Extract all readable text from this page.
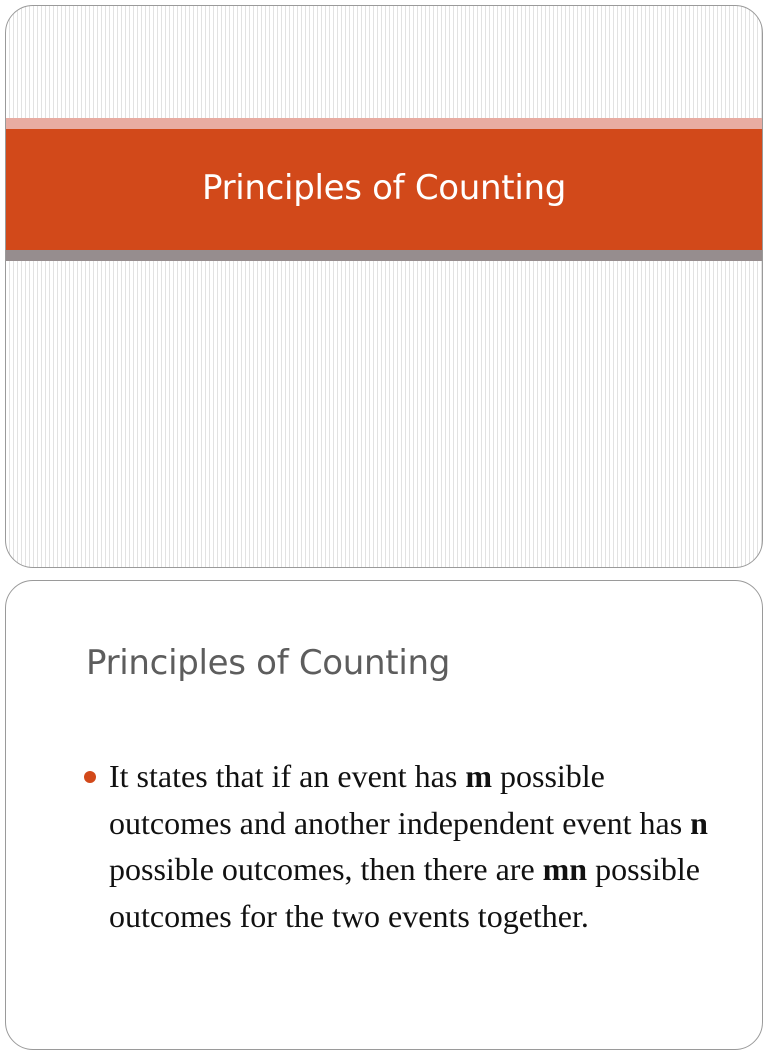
Principles of Counting
Principles of Counting
It states that if an event has m possible outcomes and another independent event has n possible outcomes, then there are mn possible outcomes for the two events together.
